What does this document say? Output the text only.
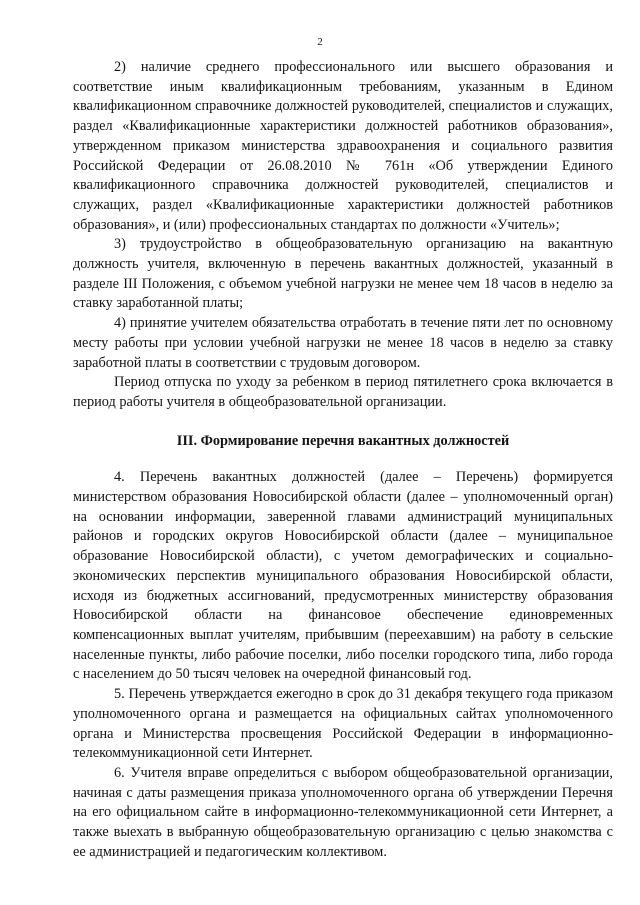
2

2) наличие среднего профессионального или высшего образования и соответствие иным квалификационным требованиям, указанным в Едином квалификационном справочнике должностей руководителей, специалистов и служащих, раздел «Квалификационные характеристики должностей работников образования», утвержденном приказом министерства здравоохранения и социального развития Российской Федерации от 26.08.2010 № 761н «Об утверждении Единого квалификационного справочника должностей руководителей, специалистов и служащих, раздел «Квалификационные характеристики должностей работников образования», и (или) профессиональных стандартах по должности «Учитель»;

3) трудоустройство в общеобразовательную организацию на вакантную должность учителя, включенную в перечень вакантных должностей, указанный в разделе III Положения, с объемом учебной нагрузки не менее чем 18 часов в неделю за ставку заработанной платы;

4) принятие учителем обязательства отработать в течение пяти лет по основному месту работы при условии учебной нагрузки не менее 18 часов в неделю за ставку заработной платы в соответствии с трудовым договором.

Период отпуска по уходу за ребенком в период пятилетнего срока включается в период работы учителя в общеобразовательной организации.

III. Формирование перечня вакантных должностей

4. Перечень вакантных должностей (далее – Перечень) формируется министерством образования Новосибирской области (далее – уполномоченный орган) на основании информации, заверенной главами администраций муниципальных районов и городских округов Новосибирской области (далее – муниципальное образование Новосибирской области), с учетом демографических и социально-экономических перспектив муниципального образования Новосибирской области, исходя из бюджетных ассигнований, предусмотренных министерству образования Новосибирской области на финансовое обеспечение единовременных компенсационных выплат учителям, прибывшим (переехавшим) на работу в сельские населенные пункты, либо рабочие поселки, либо поселки городского типа, либо города с населением до 50 тысяч человек на очередной финансовый год.

5. Перечень утверждается ежегодно в срок до 31 декабря текущего года приказом уполномоченного органа и размещается на официальных сайтах уполномоченного органа и Министерства просвещения Российской Федерации в информационно-телекоммуникационной сети Интернет.

6. Учителя вправе определиться с выбором общеобразовательной организации, начиная с даты размещения приказа уполномоченного органа об утверждении Перечня на его официальном сайте в информационно-телекоммуникационной сети Интернет, а также выехать в выбранную общеобразовательную организацию с целью знакомства с ее администрацией и педагогическим коллективом.
